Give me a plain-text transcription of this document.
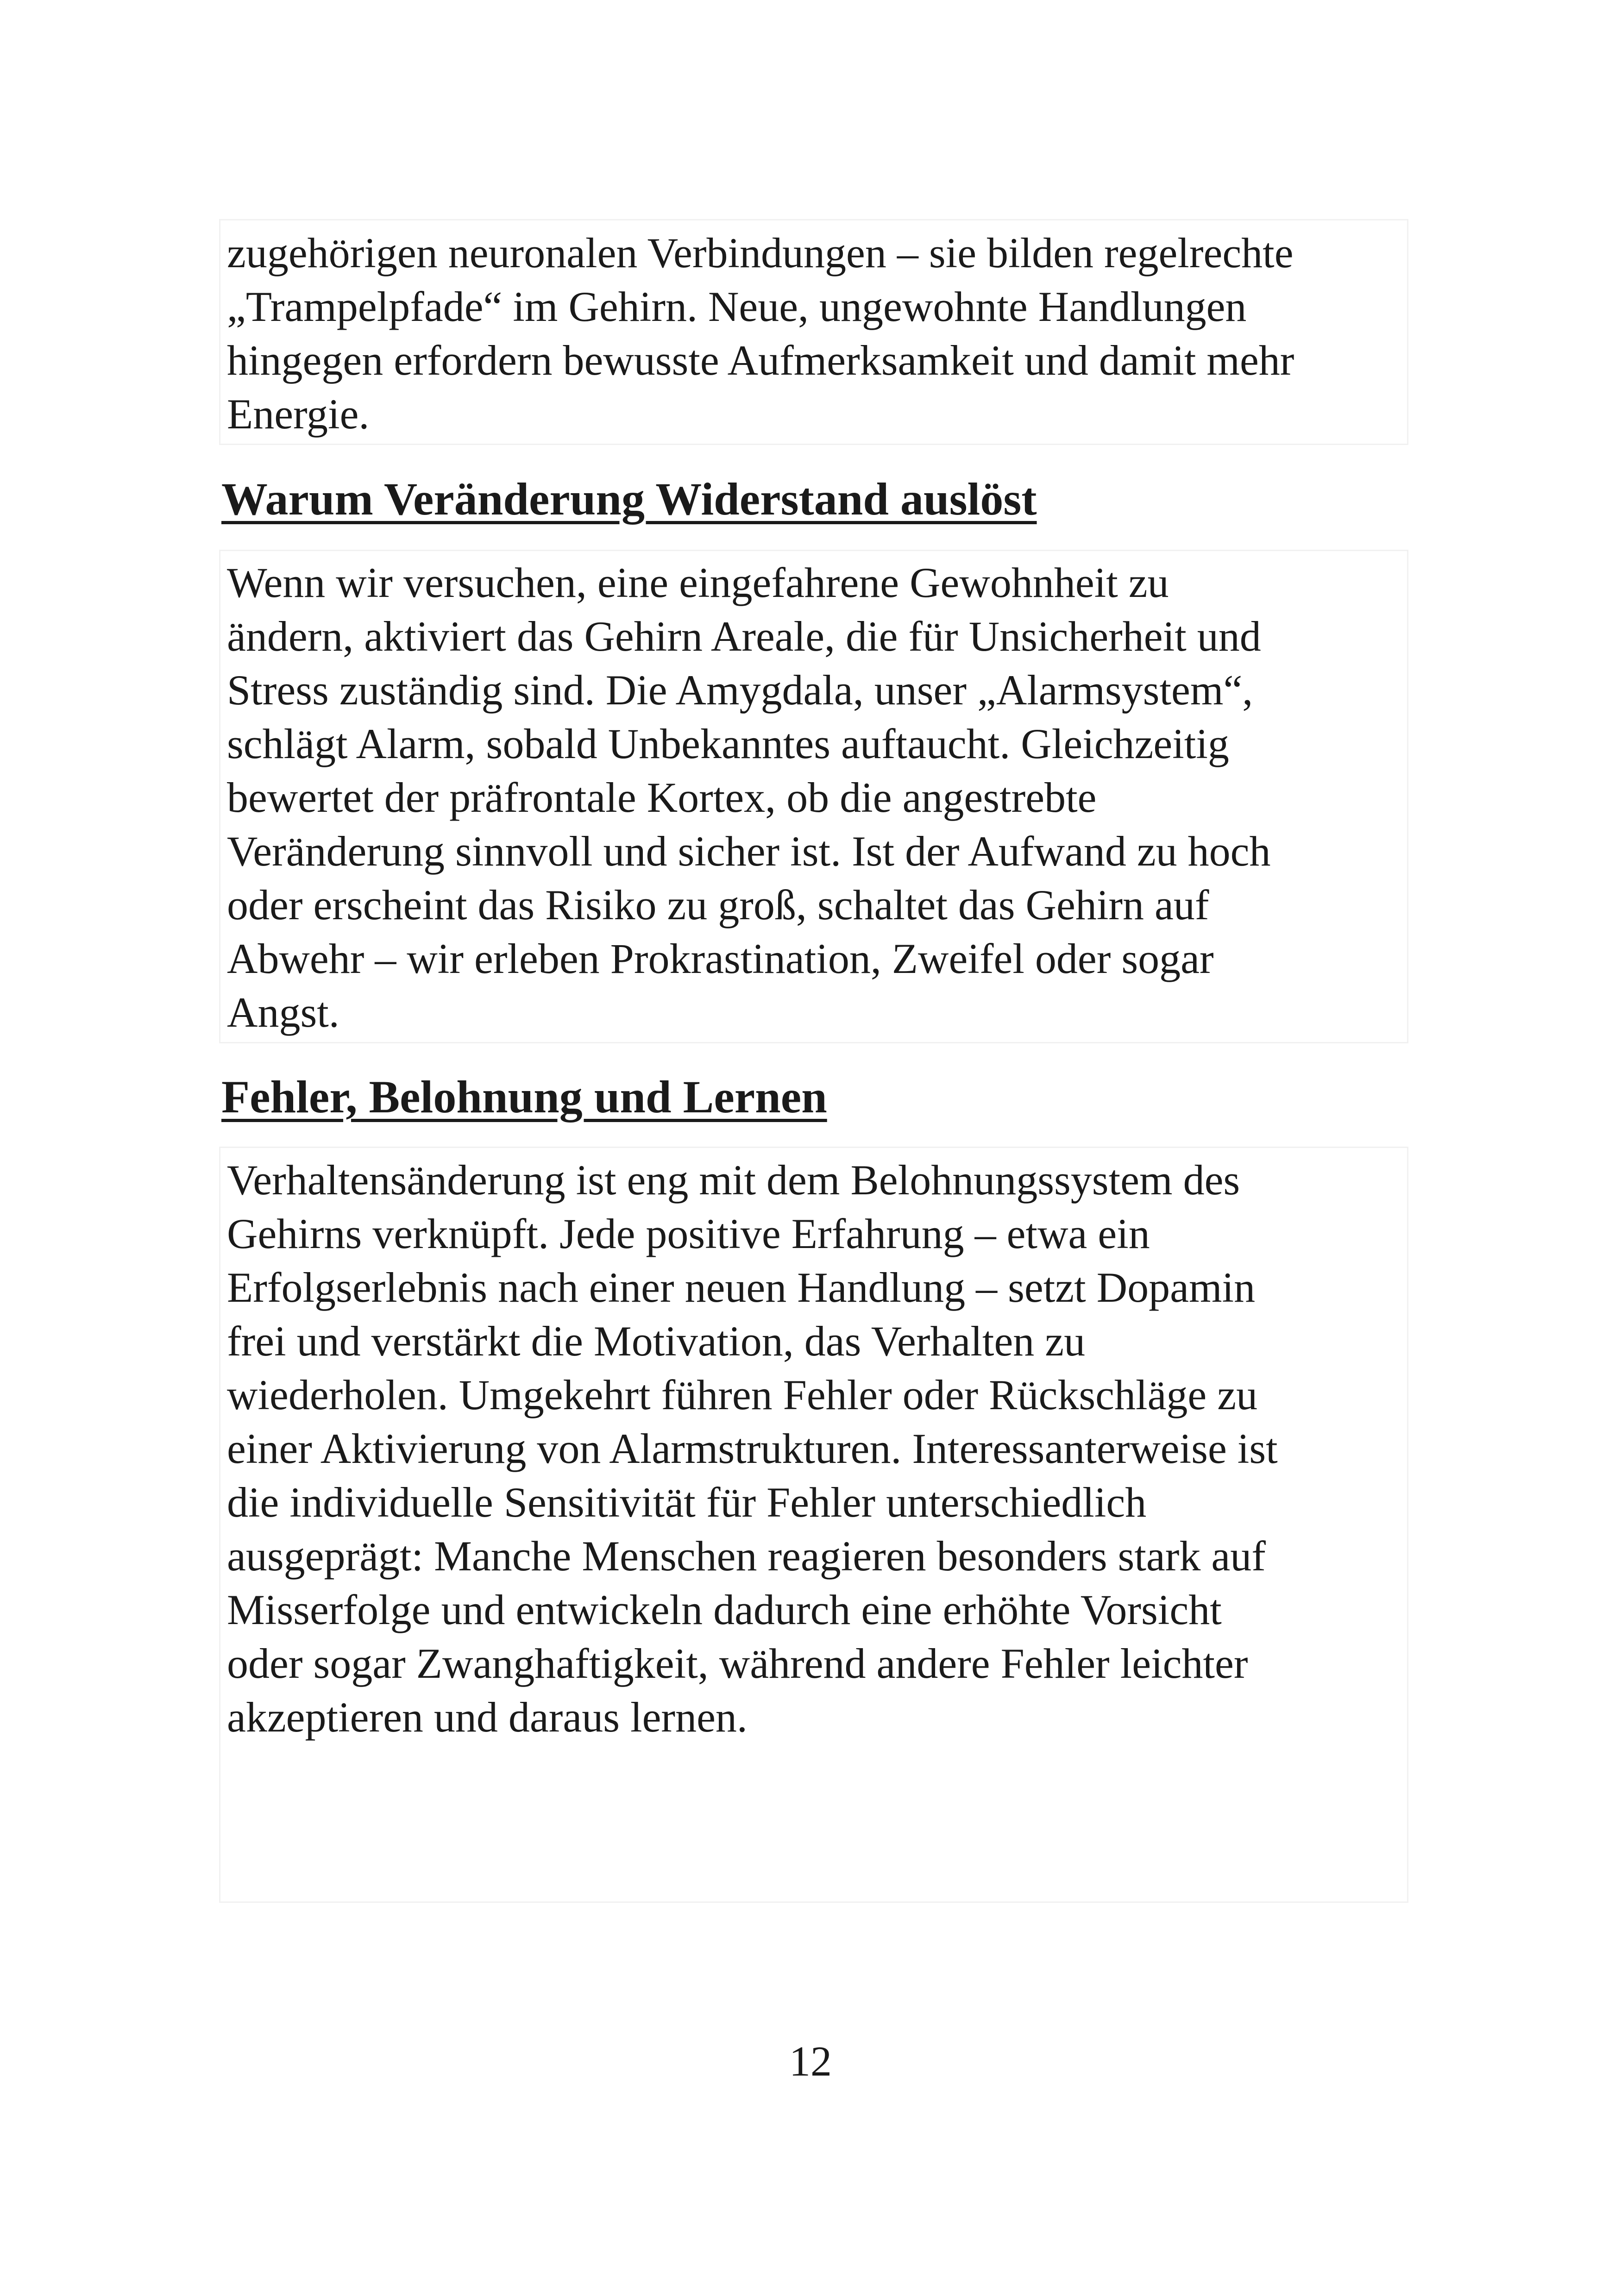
zugehörigen neuronalen Verbindungen – sie bilden regelrechte
„Trampelpfade“ im Gehirn. Neue, ungewohnte Handlungen
hingegen erfordern bewusste Aufmerksamkeit und damit mehr
Energie.

Warum Veränderung Widerstand auslöst

Wenn wir versuchen, eine eingefahrene Gewohnheit zu
ändern, aktiviert das Gehirn Areale, die für Unsicherheit und
Stress zuständig sind. Die Amygdala, unser „Alarmsystem“,
schlägt Alarm, sobald Unbekanntes auftaucht. Gleichzeitig
bewertet der präfrontale Kortex, ob die angestrebte
Veränderung sinnvoll und sicher ist. Ist der Aufwand zu hoch
oder erscheint das Risiko zu groß, schaltet das Gehirn auf
Abwehr – wir erleben Prokrastination, Zweifel oder sogar
Angst.

Fehler, Belohnung und Lernen

Verhaltensänderung ist eng mit dem Belohnungssystem des
Gehirns verknüpft. Jede positive Erfahrung – etwa ein
Erfolgserlebnis nach einer neuen Handlung – setzt Dopamin
frei und verstärkt die Motivation, das Verhalten zu
wiederholen. Umgekehrt führen Fehler oder Rückschläge zu
einer Aktivierung von Alarmstrukturen. Interessanterweise ist
die individuelle Sensitivität für Fehler unterschiedlich
ausgeprägt: Manche Menschen reagieren besonders stark auf
Misserfolge und entwickeln dadurch eine erhöhte Vorsicht
oder sogar Zwanghaftigkeit, während andere Fehler leichter
akzeptieren und daraus lernen.

12
